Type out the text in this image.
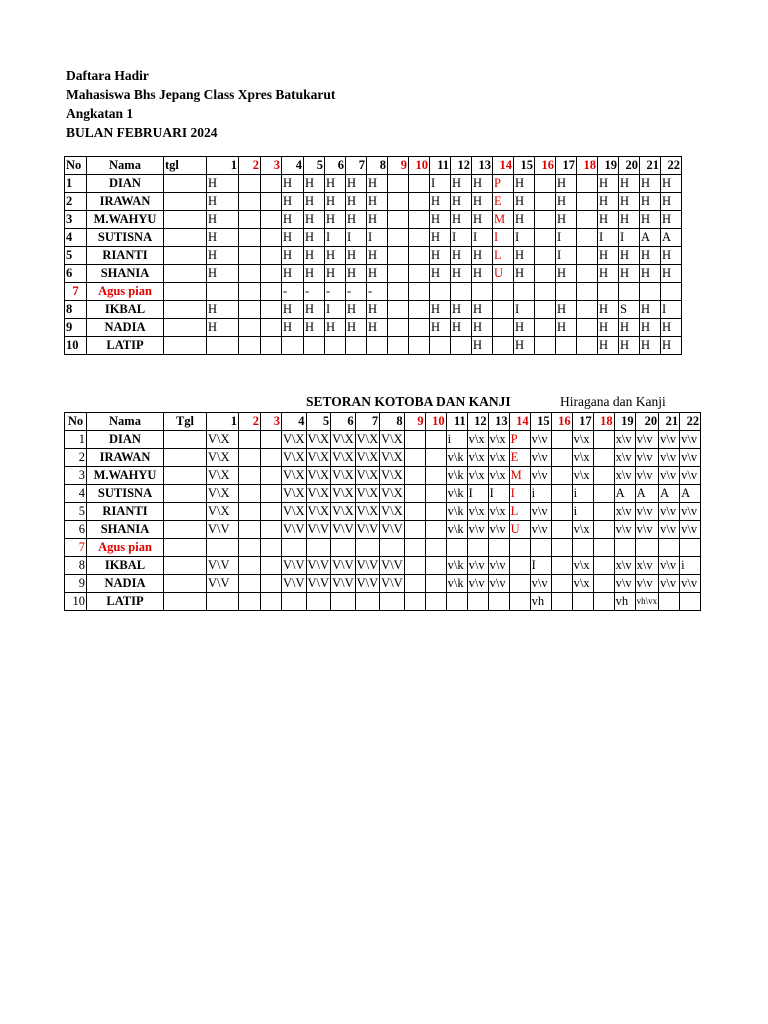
Daftara Hadir
Mahasiswa Bhs Jepang Class Xpres Batukarut
Angkatan 1
BULAN FEBRUARI 2024
No	Nama	tgl	1	2	3	4	5	6	7	8	9	10	11	12	13	14	15	16	17	18	19	20	21	22
1	DIAN		H			H	H	H	H	H			I	H	H	P	H		H		H	H	H	H
2	IRAWAN		H			H	H	H	H	H			H	H	H	E	H		H		H	H	H	H
3	M.WAHYU		H			H	H	H	H	H			H	H	H	M	H		H		H	H	H	H
4	SUTISNA		H			H	H	I	I	I			H	I	I	I	I		I		I	I	A	A
5	RIANTI		H			H	H	H	H	H			H	H	H	L	H		I		H	H	H	H
6	SHANIA		H			H	H	H	H	H			H	H	H	U	H		H		H	H	H	H
7	Agus pian					-	-	-	-	-														
8	IKBAL		H			H	H	I	H	H			H	H	H		I		H		H	S	H	I
9	NADIA		H			H	H	H	H	H			H	H	H		H		H		H	H	H	H
10	LATIP														H		H				H	H	H	H
SETORAN KOTOBA DAN KANJI	Hiragana dan Kanji
No	Nama	Tgl	1	2	3	4	5	6	7	8	9	10	11	12	13	14	15	16	17	18	19	20	21	22
1	DIAN		V\X			V\X	V\X	V\X	V\X	V\X			i	v\x	v\x	P	v\v		v\x		x\v	v\v	v\v	v\v
2	IRAWAN		V\X			V\X	V\X	V\X	V\X	V\X			v\k	v\x	v\x	E	v\v		v\x		x\v	v\v	v\v	v\v
3	M.WAHYU		V\X			V\X	V\X	V\X	V\X	V\X			v\k	v\x	v\x	M	v\v		v\x		x\v	v\v	v\v	v\v
4	SUTISNA		V\X			V\X	V\X	V\X	V\X	V\X			v\k	I	I	I	i		i		A	A	A	A
5	RIANTI		V\X			V\X	V\X	V\X	V\X	V\X			v\k	v\x	v\x	L	v\v		i		x\v	v\v	v\v	v\v
6	SHANIA		V\V			V\V	V\V	V\V	V\V	V\V			v\k	v\v	v\v	U	v\v		v\x		v\v	v\v	v\v	v\v
7	Agus pian																							
8	IKBAL		V\V			V\V	V\V	V\V	V\V	V\V			v\k	v\v	v\v		I		v\x		x\v	x\v	v\v	i
9	NADIA		V\V			V\V	V\V	V\V	V\V	V\V			v\k	v\v	v\v		v\v		v\x		v\v	v\v	v\v	v\v
10	LATIP																vh				vh	vh\vx		
